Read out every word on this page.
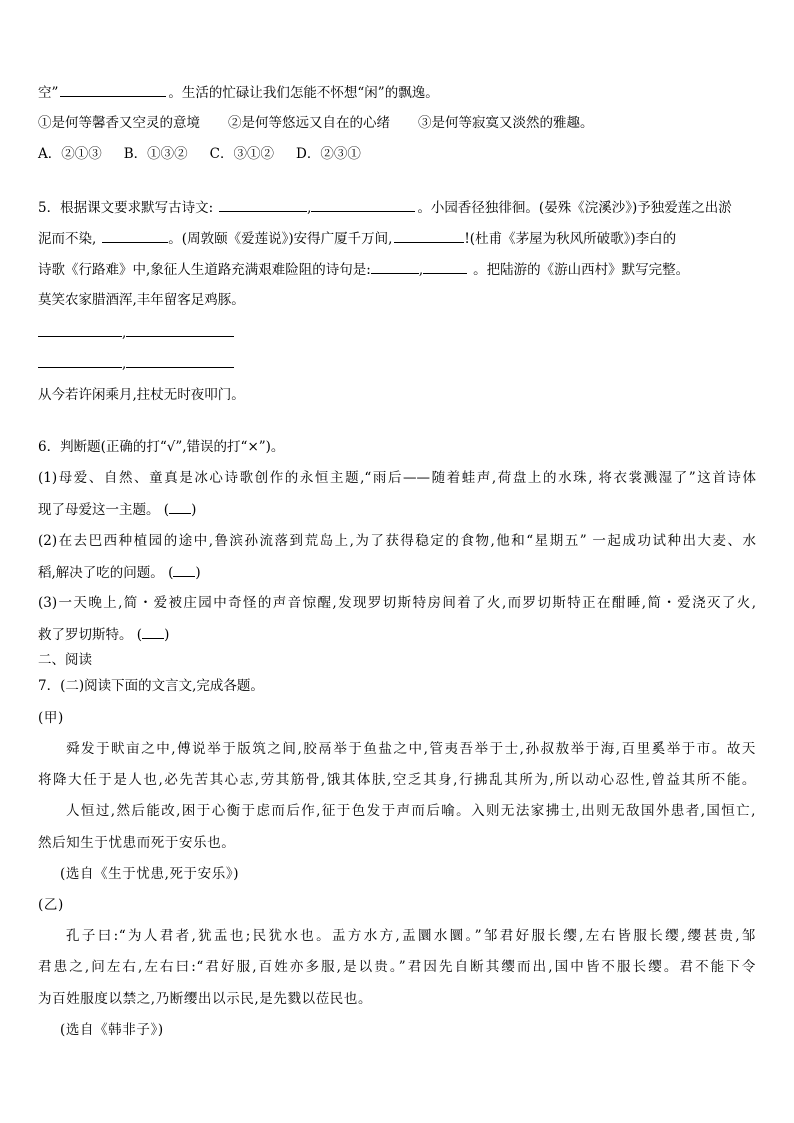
空”	。生活的忙碌让我们怎能不怀想“闲”的飘逸。
①是何等馨香又空灵的意境 ②是何等悠远又自在的心绪 ③是何等寂寞又淡然的雅趣。
A．②①③ B．①③② C．③①② D．②③①
5．根据课文要求默写古诗文:	,	。小园香径独徘徊。(晏殊《浣溪沙》)予独爱莲之出淤
泥而不染,	。(周敦颐《爱莲说》)安得广厦千万间,	!(杜甫《茅屋为秋风所破歌》)李白的
诗歌《行路难》中,象征人生道路充满艰难险阻的诗句是:	,	。把陆游的《游山西村》默写完整。
莫笑农家腊酒浑,丰年留客足鸡豚。
,
,
从今若许闲乘月,拄杖无时夜叩门。
6．判断题(正确的打“√”,错误的打“×”)。
(1)母爱、自然、童真是冰心诗歌创作的永恒主题,“雨后——随着蛙声,荷盘上的水珠, 将衣裳溅湿了”这首诗体
现了母爱这一主题。 ( )
(2)在去巴西种植园的途中,鲁滨孙流落到荒岛上,为了获得稳定的食物,他和“星期五” 一起成功试种出大麦、水
稻,解决了吃的问题。 ( )
(3)一天晚上,简・爱被庄园中奇怪的声音惊醒,发现罗切斯特房间着了火,而罗切斯特正在酣睡,简・爱浇灭了火,
救了罗切斯特。 ( )
二、阅读
7．(二)阅读下面的文言文,完成各题。
(甲)
舜发于畎亩之中,傅说举于版筑之间,胶鬲举于鱼盐之中,管夷吾举于士,孙叔敖举于海,百里奚举于市。故天
将降大任于是人也,必先苦其心志,劳其筋骨,饿其体肤,空乏其身,行拂乱其所为,所以动心忍性,曾益其所不能。
人恒过,然后能改,困于心衡于虑而后作,征于色发于声而后喻。入则无法家拂士,出则无敌国外患者,国恒亡,
然后知生于忧患而死于安乐也。
(选自《生于忧患,死于安乐》)
(乙)
孔子曰:“为人君者,犹盂也;民犹水也。盂方水方,盂圜水圜。”邹君好服长缨,左右皆服长缨,缨甚贵,邹
君患之,问左右,左右曰:“君好服,百姓亦多服,是以贵。”君因先自断其缨而出,国中皆不服长缨。君不能下令
为百姓服度以禁之,乃断缨出以示民,是先戮以莅民也。
(选自《韩非子》)
